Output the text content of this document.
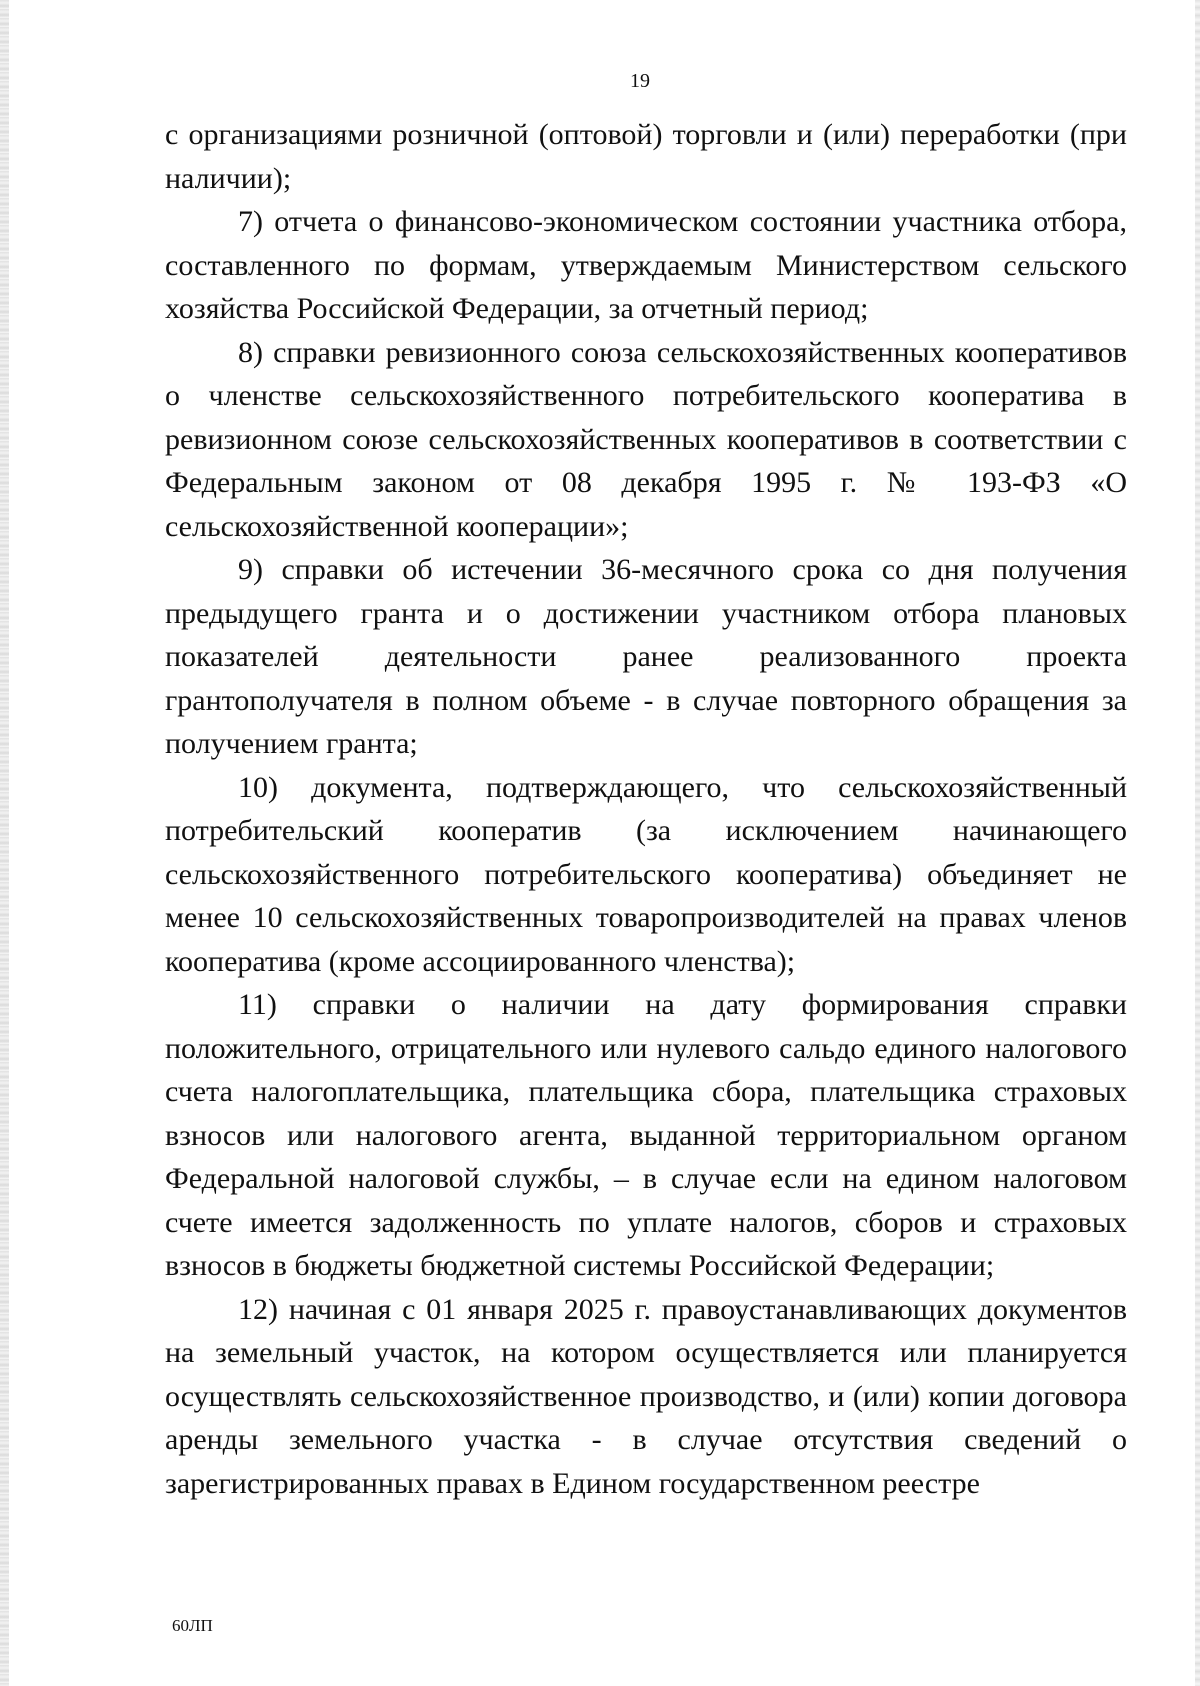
19

с организациями розничной (оптовой) торговли и (или) переработки (при наличии);

7) отчета о финансово-экономическом состоянии участника отбора, составленного по формам, утверждаемым Министерством сельского хозяйства Российской Федерации, за отчетный период;

8) справки ревизионного союза сельскохозяйственных кооперативов о членстве сельскохозяйственного потребительского кооператива в ревизионном союзе сельскохозяйственных кооперативов в соответствии с Федеральным законом от 08 декабря 1995 г. № 193-ФЗ «О сельскохозяйственной кооперации»;

9) справки об истечении 36-месячного срока со дня получения предыдущего гранта и о достижении участником отбора плановых показателей деятельности ранее реализованного проекта грантополучателя в полном объеме - в случае повторного обращения за получением гранта;

10) документа, подтверждающего, что сельскохозяйственный потребительский кооператив (за исключением начинающего сельскохозяйственного потребительского кооператива) объединяет не менее 10 сельскохозяйственных товаропроизводителей на правах членов кооператива (кроме ассоциированного членства);

11) справки о наличии на дату формирования справки положительного, отрицательного или нулевого сальдо единого налогового счета налогоплательщика, плательщика сбора, плательщика страховых взносов или налогового агента, выданной территориальном органом Федеральной налоговой службы, – в случае если на едином налоговом счете имеется задолженность по уплате налогов, сборов и страховых взносов в бюджеты бюджетной системы Российской Федерации;

12) начиная с 01 января 2025 г. правоустанавливающих документов на земельный участок, на котором осуществляется или планируется осуществлять сельскохозяйственное производство, и (или) копии договора аренды земельного участка - в случае отсутствия сведений о зарегистрированных правах в Едином государственном реестре

60ЛП
